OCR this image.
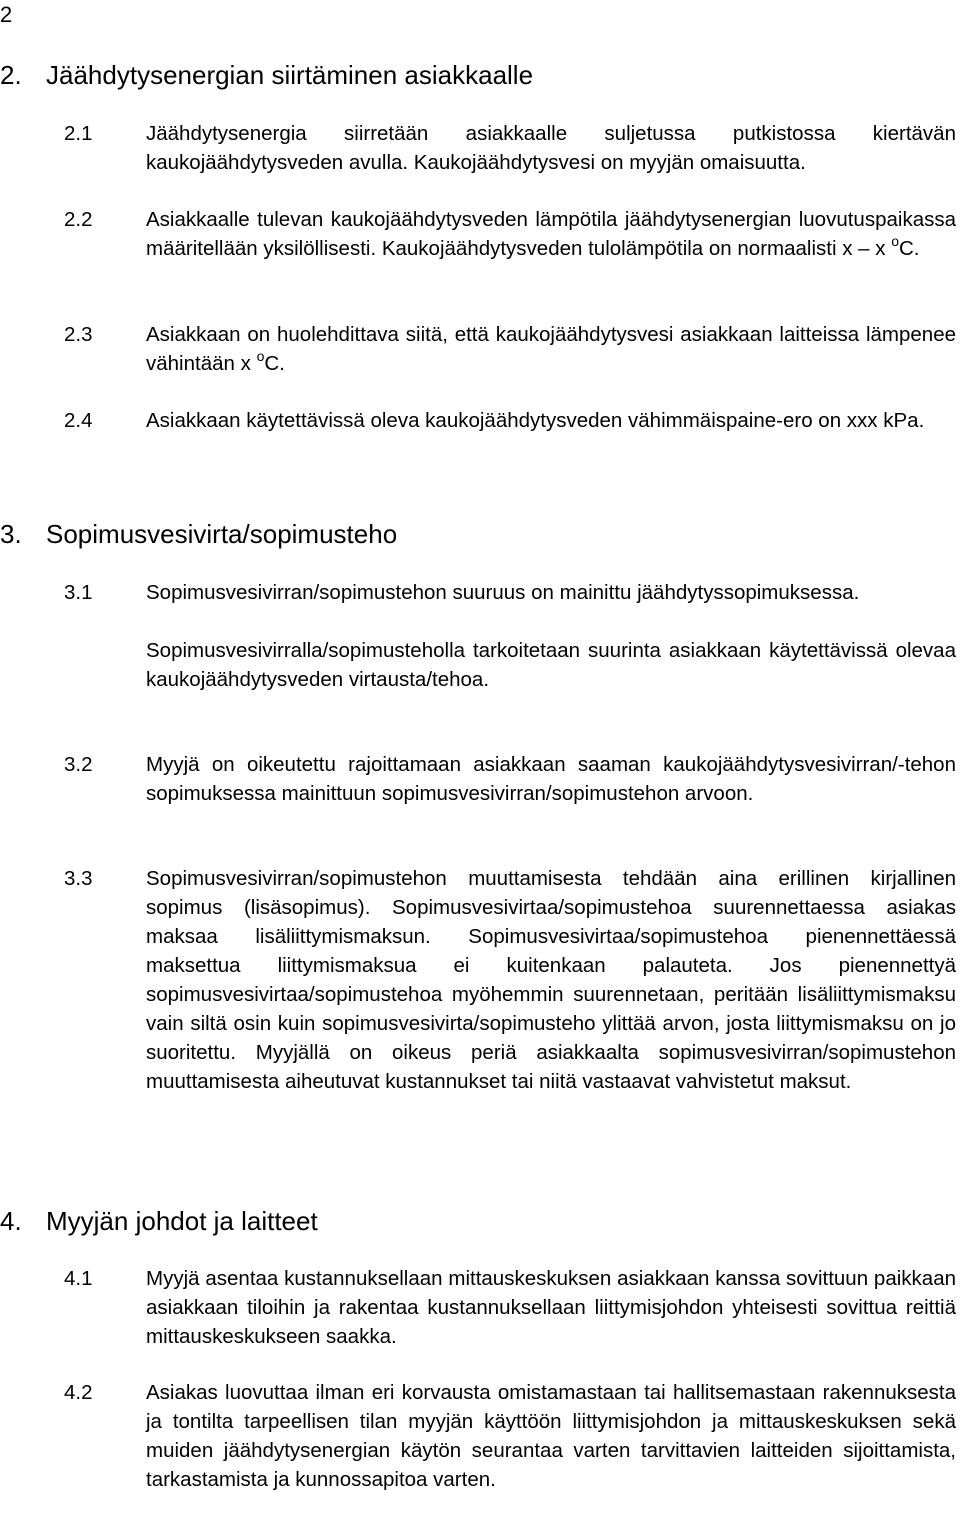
2
2. Jäähdytysenergian siirtäminen asiakkaalle
2.1	Jäähdytysenergia siirretään asiakkaalle suljetussa putkistossa kiertävän kaukojäähdytysveden avulla. Kaukojäähdytysvesi on myyjän omaisuutta.

2.2	Asiakkaalle tulevan kaukojäähdytysveden lämpötila jäähdytysenergian luovutuspaikassa määritellään yksilöllisesti. Kaukojäähdytysveden tulolämpötila on normaalisti x – x $^o$C.

2.3	Asiakkaan on huolehdittava siitä, että kaukojäähdytysvesi asiakkaan laitteissa lämpenee vähintään x $^o$C.

2.4	Asiakkaan käytettävissä oleva kaukojäähdytysveden vähimmäispaine-ero on xxx kPa.

3. Sopimusvesivirta/sopimusteho
3.1	Sopimusvesivirran/sopimustehon suuruus on mainittu jäähdytyssopimuksessa.

Sopimusvesivirralla/sopimusteholla tarkoitetaan suurinta asiakkaan käytettävissä olevaa kaukojäähdytysveden virtausta/tehoa.

3.2	Myyjä on oikeutettu rajoittamaan asiakkaan saaman kaukojäähdytysvesivirran/-tehon sopimuksessa mainittuun sopimusvesivirran/sopimustehon arvoon.

3.3	Sopimusvesivirran/sopimustehon muuttamisesta tehdään aina erillinen kirjallinen sopimus (lisäsopimus). Sopimusvesivirtaa/sopimustehoa suurennettaessa asiakas maksaa lisäliittymismaksun. Sopimusvesivirtaa/sopimustehoa pienennettäessä maksettua liittymismaksua ei kuitenkaan palauteta. Jos pienennettyä sopimusvesivirtaa/sopimustehoa myöhemmin suurennetaan, peritään lisäliittymismaksu vain siltä osin kuin sopimusvesivirta/sopimusteho ylittää arvon, josta liittymismaksu on jo suoritettu. Myyjällä on oikeus periä asiakkaalta sopimusvesivirran/sopimustehon muuttamisesta aiheutuvat kustannukset tai niitä vastaavat vahvistetut maksut.

4. Myyjän johdot ja laitteet
4.1	Myyjä asentaa kustannuksellaan mittauskeskuksen asiakkaan kanssa sovittuun paikkaan asiakkaan tiloihin ja rakentaa kustannuksellaan liittymisjohdon yhteisesti sovittua reittiä mittauskeskukseen saakka.

4.2	Asiakas luovuttaa ilman eri korvausta omistamastaan tai hallitsemastaan rakennuksesta ja tontilta tarpeellisen tilan myyjän käyttöön liittymisjohdon ja mittauskeskuksen sekä muiden jäähdytysenergian käytön seurantaa varten tarvittavien laitteiden sijoittamista, tarkastamista ja kunnossapitoa varten.
